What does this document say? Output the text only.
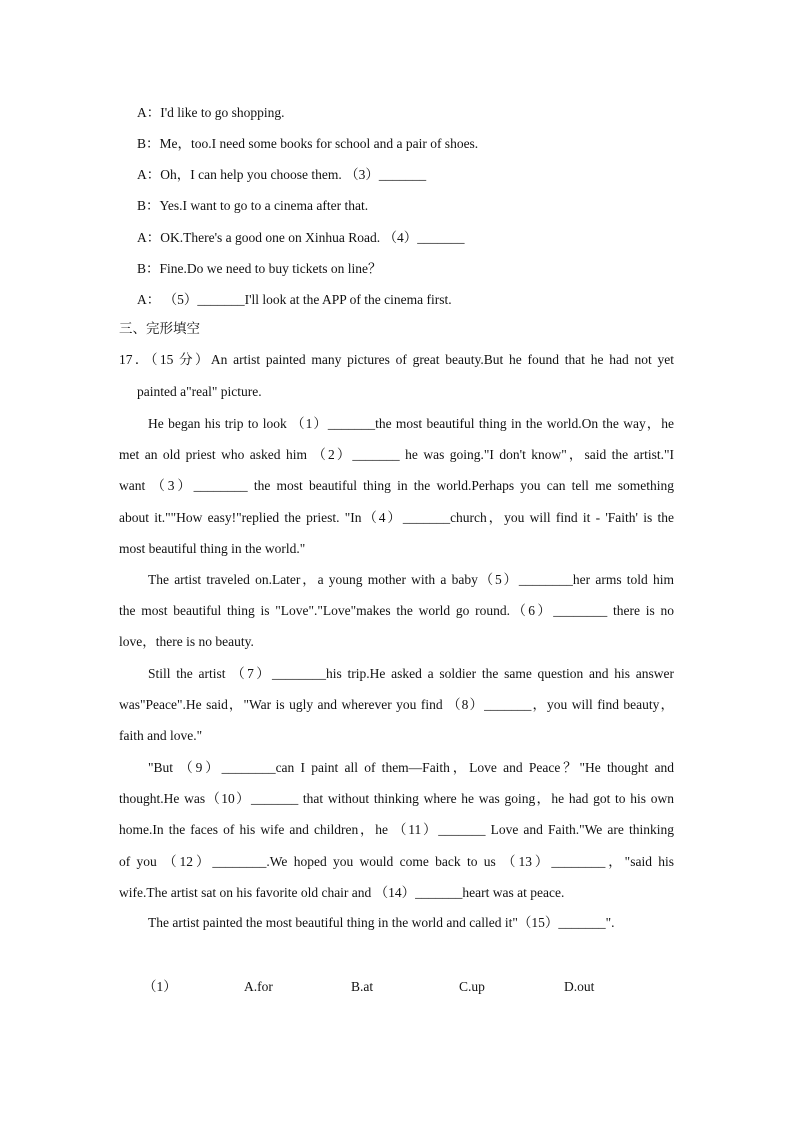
A：I'd like to go shopping.
B：Me，too.I need some books for school and a pair of shoes.
A：Oh，I can help you choose them. （3）_______
B：Yes.I want to go to a cinema after that.
A：OK.There's a good one on Xinhua Road. （4）_______
B：Fine.Do we need to buy tickets on line？
A： （5）_______I'll look at the APP of the cinema first.
三、完形填空
17．（15 分）An artist painted many pictures of great beauty.But he found that he had not yet
painted a"real" picture.
He began his trip to look （1）_______the most beautiful thing in the world.On the way，he
met an old priest who asked him （2）_______ he was going."I don't know"，said the artist."I
want （3）________ the most beautiful thing in the world.Perhaps you can tell me something
about it.""How easy!"replied the priest. "In（4）_______church，you will find it - 'Faith' is the
most beautiful thing in the world."
The artist traveled on.Later，a young mother with a baby（5）________her arms told him
the most beautiful thing is "Love"."Love"makes the world go round.（6）________ there is no
love，there is no beauty.
Still the artist （7）________his trip.He asked a soldier the same question and his answer
was"Peace".He said，"War is ugly and wherever you find （8）_______，you will find beauty，
faith and love."
"But （9）________can I paint all of them—Faith，Love and Peace？"He thought and
thought.He was（10）_______ that without thinking where he was going，he had got to his own
home.In the faces of his wife and children，he （11）_______ Love and Faith."We are thinking
of you （12）________.We hoped you would come back to us （13）________，"said his
wife.The artist sat on his favorite old chair and （14）_______heart was at peace.
The artist painted the most beautiful thing in the world and called it"（15）_______".
（1）	A.for	B.at	C.up	D.out
